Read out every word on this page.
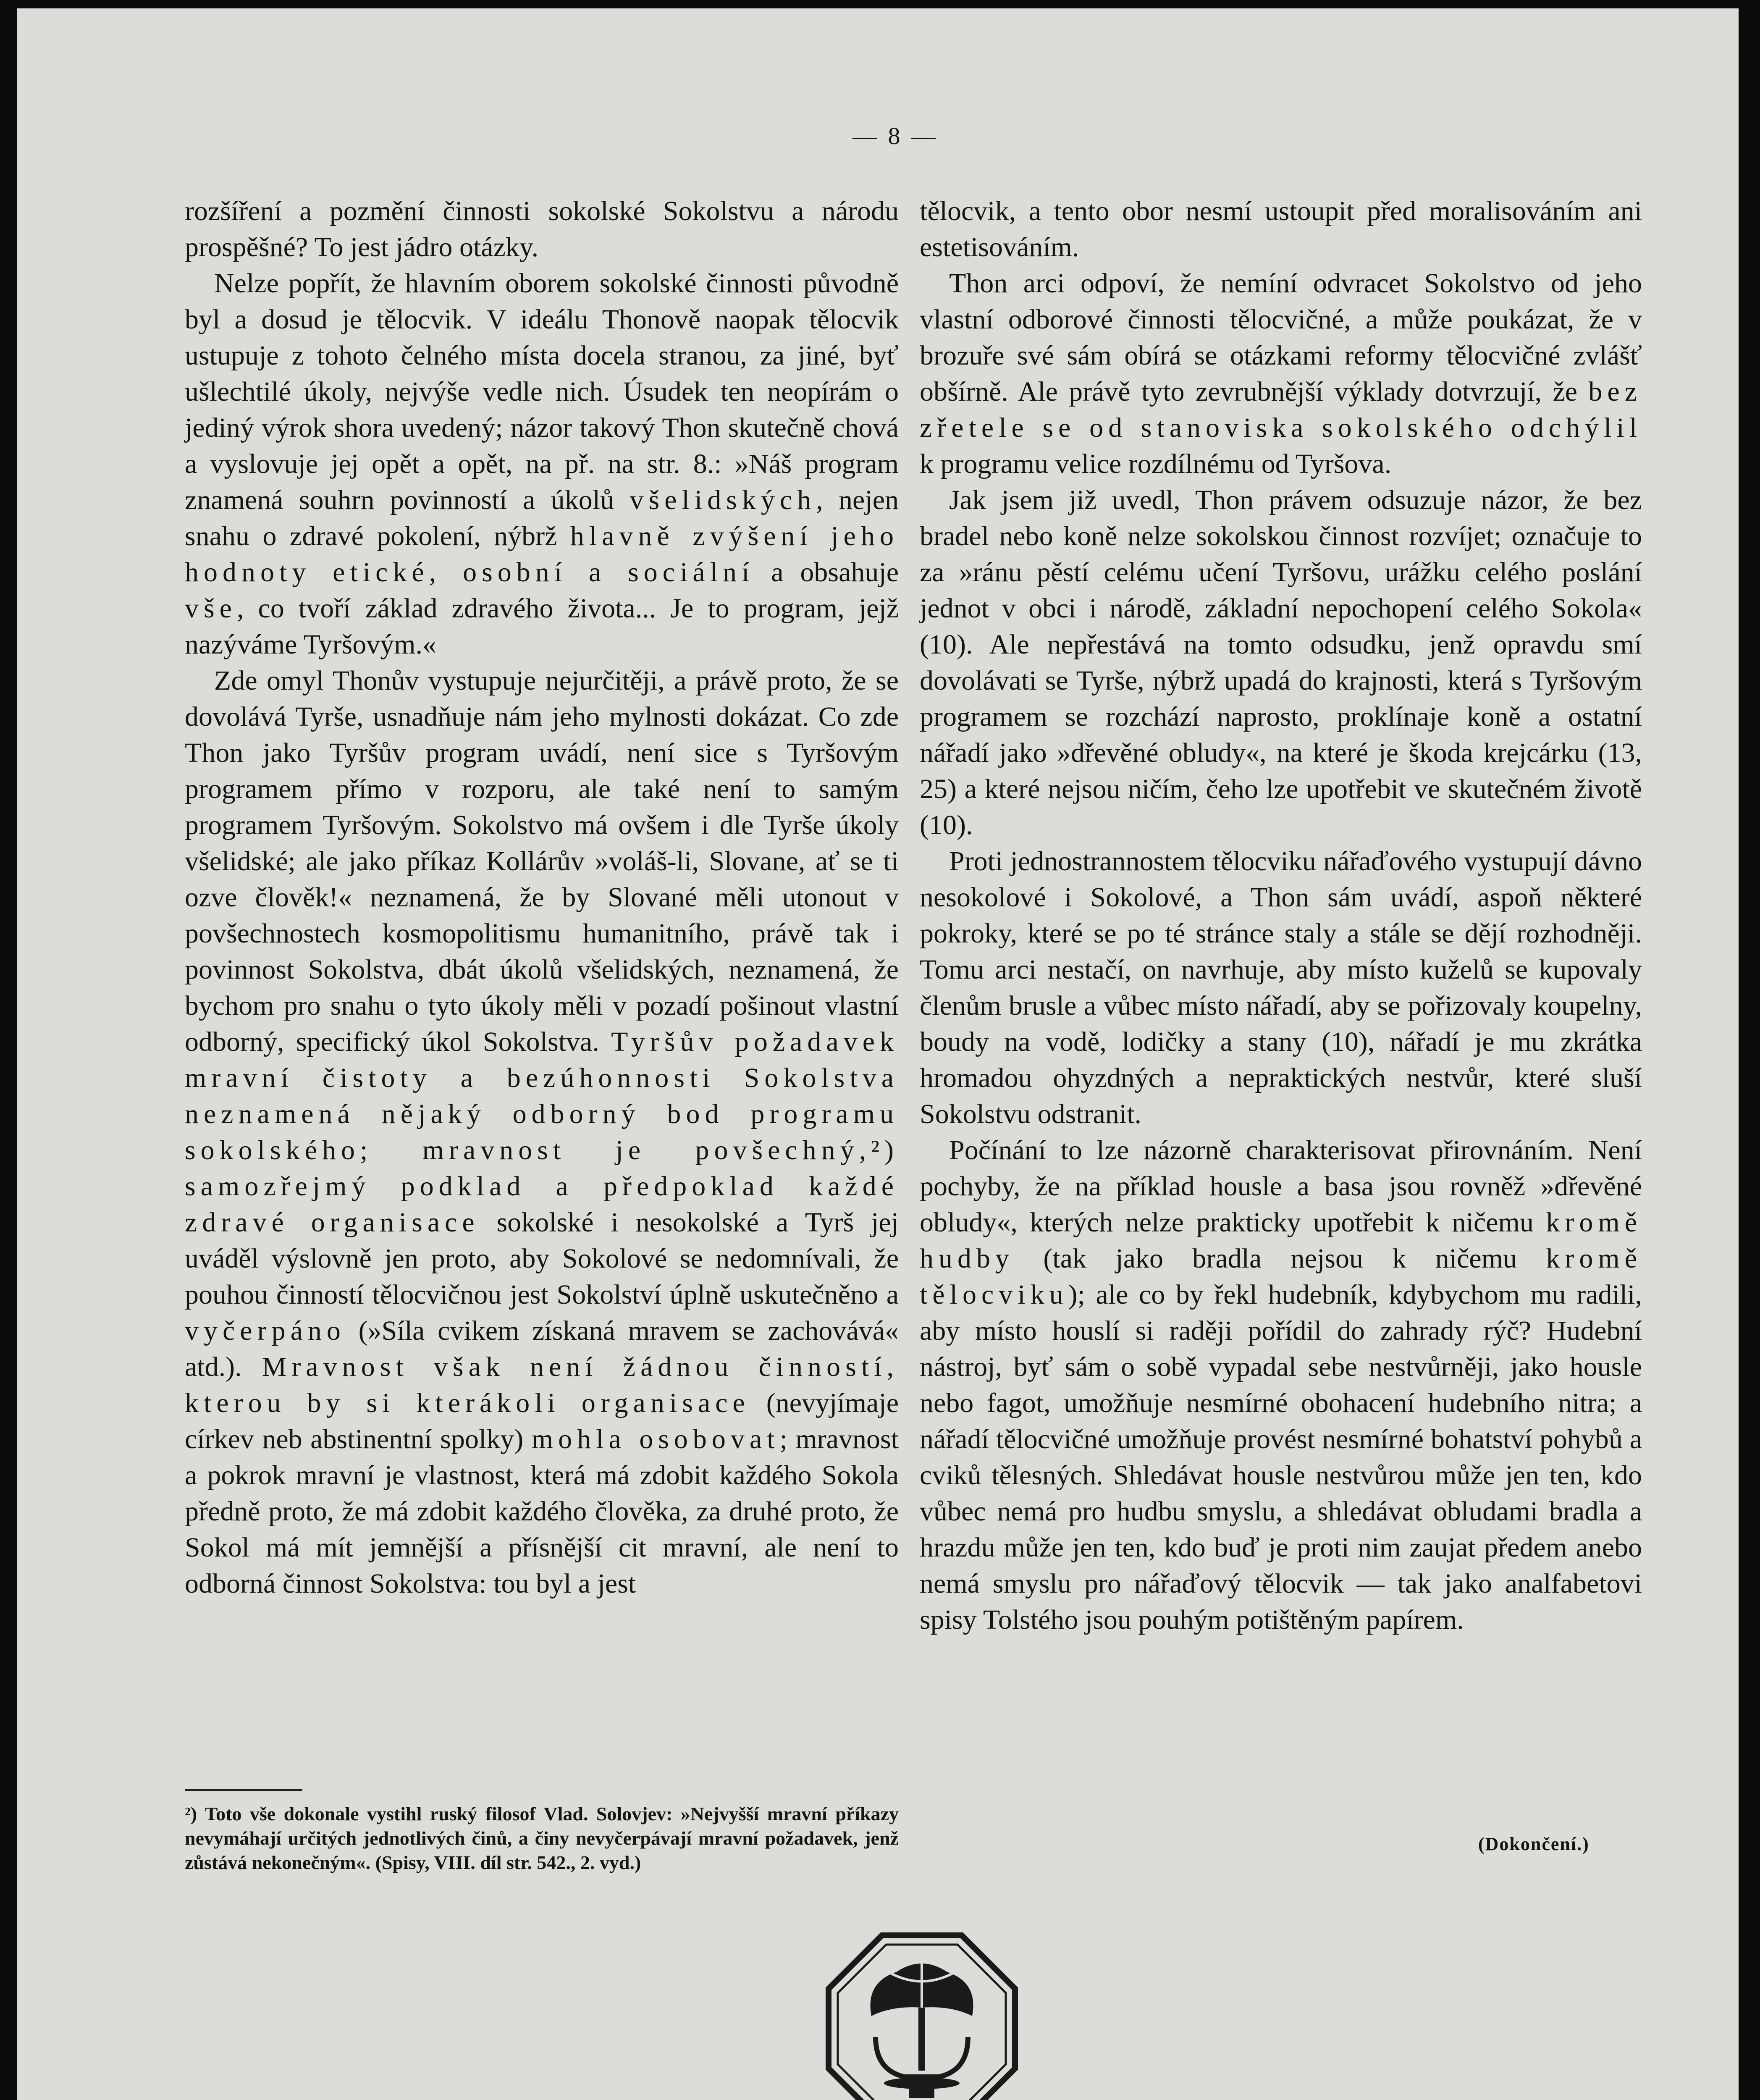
— 8 —

rozšíření a pozmění činnosti sokolské Sokolstvu a národu prospěšné? To jest jádro otázky.

Nelze popřít, že hlavním oborem sokolské činnosti původně byl a dosud je tělocvik. V ideálu Thonově naopak tělocvik ustupuje z tohoto čelného místa docela stranou, za jiné, byť ušlechtilé úkoly, nejvýše vedle nich. Úsudek ten neopírám o jediný výrok shora uvedený; názor takový Thon skutečně chová a vyslovuje jej opět a opět, na př. na str. 8.: »Náš program znamená souhrn povinností a úkolů všelidských, nejen snahu o zdravé pokolení, nýbrž hlavně zvýšení jeho hodnoty etické, osobní a sociální a obsahuje vše, co tvoří základ zdravého života... Je to program, jejž nazýváme Tyršovým.«

Zde omyl Thonův vystupuje nejurčitěji, a právě proto, že se dovolává Tyrše, usnadňuje nám jeho mylnosti dokázat. Co zde Thon jako Tyršův program uvádí, není sice s Tyršovým programem přímo v rozporu, ale také není to samým programem Tyršovým. Sokolstvo má ovšem i dle Tyrše úkoly všelidské; ale jako příkaz Kollárův »voláš-li, Slovane, ať se ti ozve člověk!« neznamená, že by Slované měli utonout v povšechnostech kosmopolitismu humanitního, právě tak i povinnost Sokolstva, dbát úkolů všelidských, neznamená, že bychom pro snahu o tyto úkoly měli v pozadí pošinout vlastní odborný, specifický úkol Sokolstva. Tyršův požadavek mravní čistoty a bezúhonnosti Sokolstva neznamená nějaký odborný bod programu sokolského; mravnost je povšechný,²) samozřejmý podklad a předpoklad každé zdravé organisace sokolské i nesokolské a Tyrš jej uváděl výslovně jen proto, aby Sokolové se nedomnívali, že pouhou činností tělocvičnou jest Sokolství úplně uskutečněno a vyčerpáno (»Síla cvikem získaná mravem se zachovává« atd.). Mravnost však není žádnou činností, kterou by si kterákoli organisace (nevyjímaje církev neb abstinentní spolky) mohla osobovat; mravnost a pokrok mravní je vlastnost, která má zdobit každého Sokola předně proto, že má zdobit každého člověka, za druhé proto, že Sokol má mít jemnější a přísnější cit mravní, ale není to odborná činnost Sokolstva: tou byl a jest

²) Toto vše dokonale vystihl ruský filosof Vlad. Solovjev: »Nejvyšší mravní příkazy nevymáhají určitých jednotlivých činů, a činy nevyčerpávají mravní požadavek, jenž zůstává nekonečným«. (Spisy, VIII. díl str. 542., 2. vyd.)

tělocvik, a tento obor nesmí ustoupit před moralisováním ani estetisováním.

Thon arci odpoví, že nemíní odvracet Sokolstvo od jeho vlastní odborové činnosti tělocvičné, a může poukázat, že v brozuře své sám obírá se otázkami reformy tělocvičné zvlášť obšírně. Ale právě tyto zevrubnější výklady dotvrzují, že bez zřetele se od stanoviska sokolského odchýlil k programu velice rozdílnému od Tyršova.

Jak jsem již uvedl, Thon právem odsuzuje názor, že bez bradel nebo koně nelze sokolskou činnost rozvíjet; označuje to za »ránu pěstí celému učení Tyršovu, urážku celého poslání jednot v obci i národě, základní nepochopení celého Sokola« (10). Ale nepřestává na tomto odsudku, jenž opravdu smí dovolávati se Tyrše, nýbrž upadá do krajnosti, která s Tyršovým programem se rozchází naprosto, proklínaje koně a ostatní nářadí jako »dřevěné obludy«, na které je škoda krejcárku (13, 25) a které nejsou ničím, čeho lze upotřebit ve skutečném životě (10).

Proti jednostrannostem tělocviku nářaďového vystupují dávno nesokolové i Sokolové, a Thon sám uvádí, aspoň některé pokroky, které se po té stránce staly a stále se dějí rozhodněji. Tomu arci nestačí, on navrhuje, aby místo kuželů se kupovaly členům brusle a vůbec místo nářadí, aby se pořizovaly koupelny, boudy na vodě, lodičky a stany (10), nářadí je mu zkrátka hromadou ohyzdných a nepraktických nestvůr, které sluší Sokolstvu odstranit.

Počínání to lze názorně charakterisovat přirovnáním. Není pochyby, že na příklad housle a basa jsou rovněž »dřevěné obludy«, kterých nelze prakticky upotřebit k ničemu kromě hudby (tak jako bradla nejsou k ničemu kromě tělocviku); ale co by řekl hudebník, kdybychom mu radili, aby místo houslí si raději pořídil do zahrady rýč? Hudební nástroj, byť sám o sobě vypadal sebe nestvůrněji, jako housle nebo fagot, umožňuje nesmírné obohacení hudebního nitra; a nářadí tělocvičné umožňuje provést nesmírné bohatství pohybů a cviků tělesných. Shledávat housle nestvůrou může jen ten, kdo vůbec nemá pro hudbu smyslu, a shledávat obludami bradla a hrazdu může jen ten, kdo buď je proti nim zaujat předem anebo nemá smyslu pro nářaďový tělocvik — tak jako analfabetovi spisy Tolstého jsou pouhým potištěným papírem.

(Dokončení.)
